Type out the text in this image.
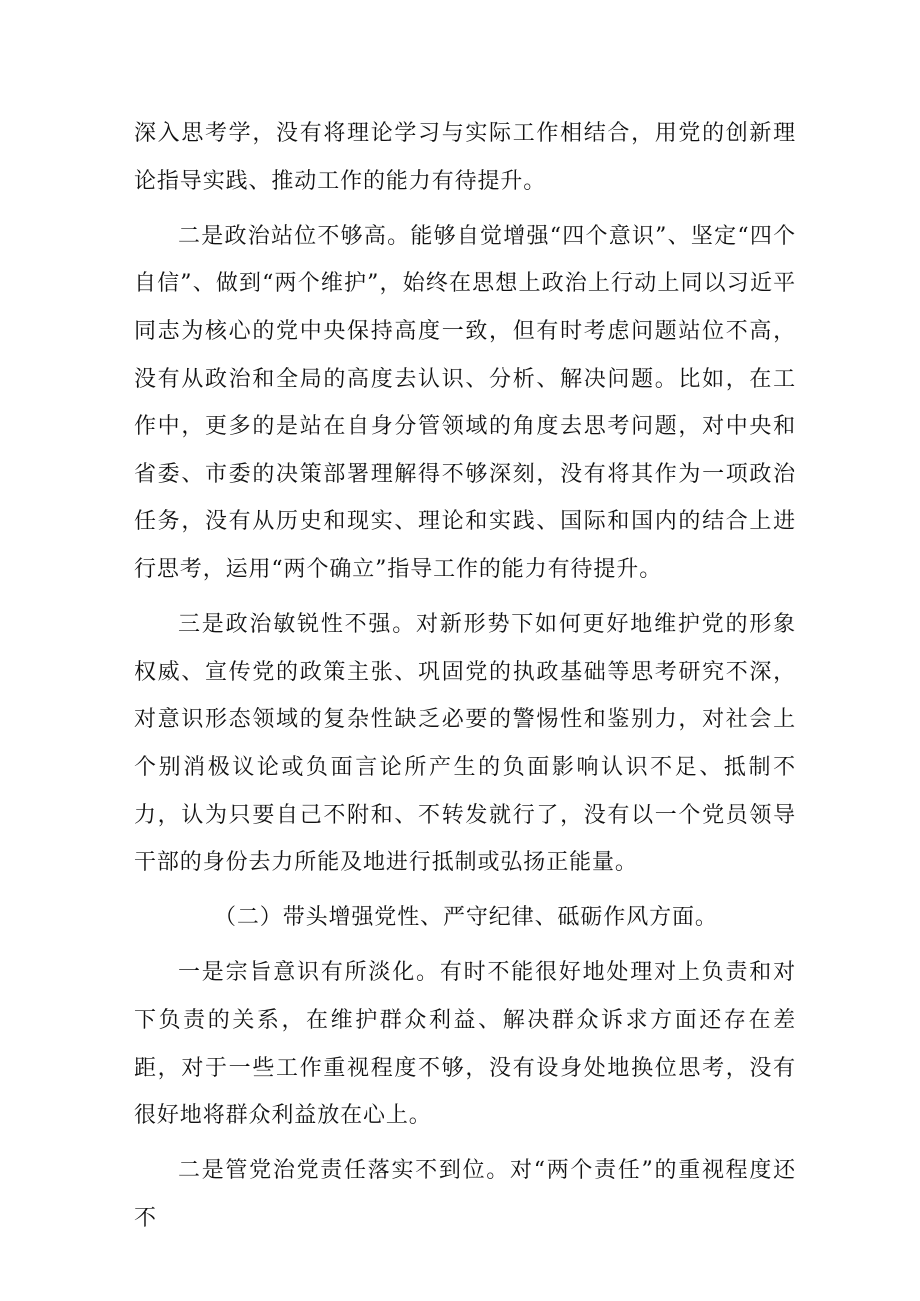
深入思考学，没有将理论学习与实际工作相结合，用党的创新理论指导实践、推动工作的能力有待提升。

二是政治站位不够高。能够自觉增强“四个意识”、坚定“四个自信”、做到“两个维护”，始终在思想上政治上行动上同以习近平同志为核心的党中央保持高度一致，但有时考虑问题站位不高，没有从政治和全局的高度去认识、分析、解决问题。比如，在工作中，更多的是站在自身分管领域的角度去思考问题，对中央和省委、市委的决策部署理解得不够深刻，没有将其作为一项政治任务，没有从历史和现实、理论和实践、国际和国内的结合上进行思考，运用“两个确立”指导工作的能力有待提升。

三是政治敏锐性不强。对新形势下如何更好地维护党的形象权威、宣传党的政策主张、巩固党的执政基础等思考研究不深，对意识形态领域的复杂性缺乏必要的警惕性和鉴别力，对社会上个别消极议论或负面言论所产生的负面影响认识不足、抵制不力，认为只要自己不附和、不转发就行了，没有以一个党员领导干部的身份去力所能及地进行抵制或弘扬正能量。

（二）带头增强党性、严守纪律、砥砺作风方面。

一是宗旨意识有所淡化。有时不能很好地处理对上负责和对下负责的关系，在维护群众利益、解决群众诉求方面还存在差距，对于一些工作重视程度不够，没有设身处地换位思考，没有很好地将群众利益放在心上。

二是管党治党责任落实不到位。对“两个责任”的重视程度还不
